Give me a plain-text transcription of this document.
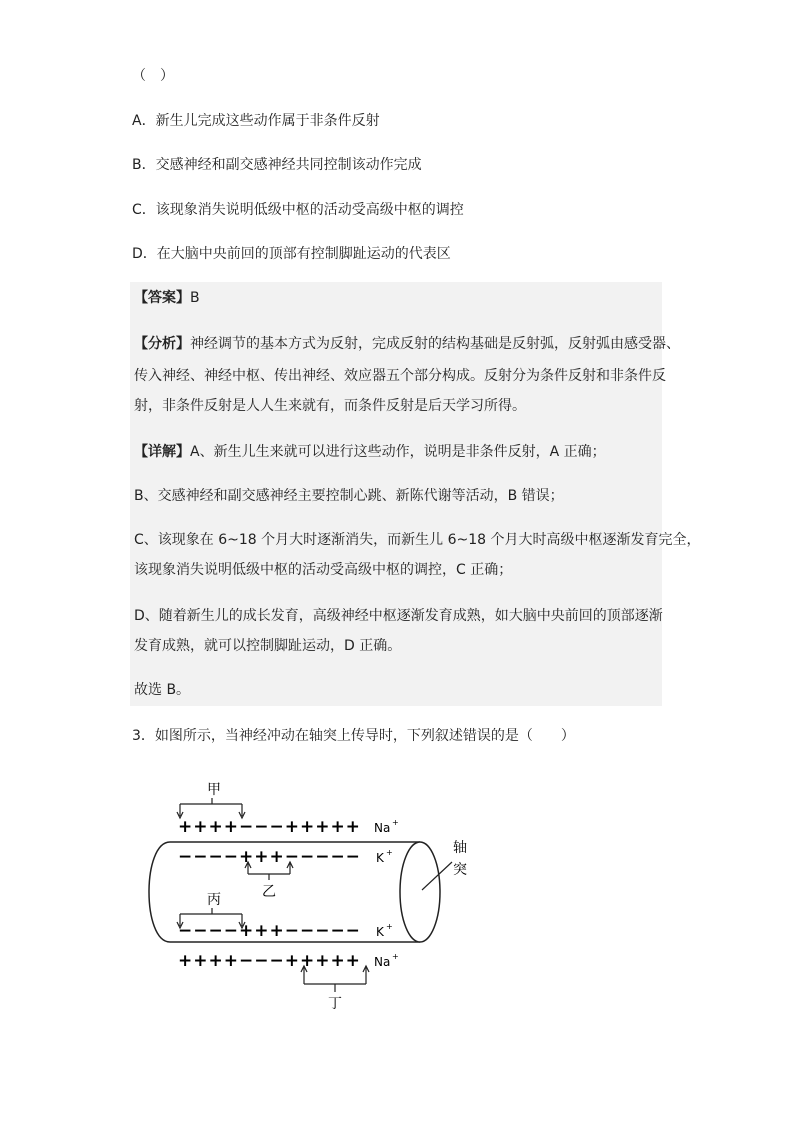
（　）
A．新生儿完成这些动作属于非条件反射
B．交感神经和副交感神经共同控制该动作完成
C．该现象消失说明低级中枢的活动受高级中枢的调控
D．在大脑中央前回的顶部有控制脚趾运动的代表区
【答案】B
【分析】神经调节的基本方式为反射，完成反射的结构基础是反射弧，反射弧由感受器、
传入神经、神经中枢、传出神经、效应器五个部分构成。反射分为条件反射和非条件反
射，非条件反射是人人生来就有，而条件反射是后天学习所得。
【详解】A、新生儿生来就可以进行这些动作，说明是非条件反射，A 正确；
B、交感神经和副交感神经主要控制心跳、新陈代谢等活动，B 错误；
C、该现象在 6~18 个月大时逐渐消失，而新生儿 6~18 个月大时高级中枢逐渐发育完全，
该现象消失说明低级中枢的活动受高级中枢的调控，C 正确；
D、随着新生儿的成长发育，高级神经中枢逐渐发育成熟，如大脑中央前回的顶部逐渐
发育成熟，就可以控制脚趾运动，D 正确。
故选 B。
3．如图所示，当神经冲动在轴突上传导时，下列叙述错误的是（　　）
轴
突
甲
++++−−−+++++ Na +
−−−−+++−−−−− K +
乙
丙
−−−−+++−−−−− K +
++++−−−+++++ Na +
丁
